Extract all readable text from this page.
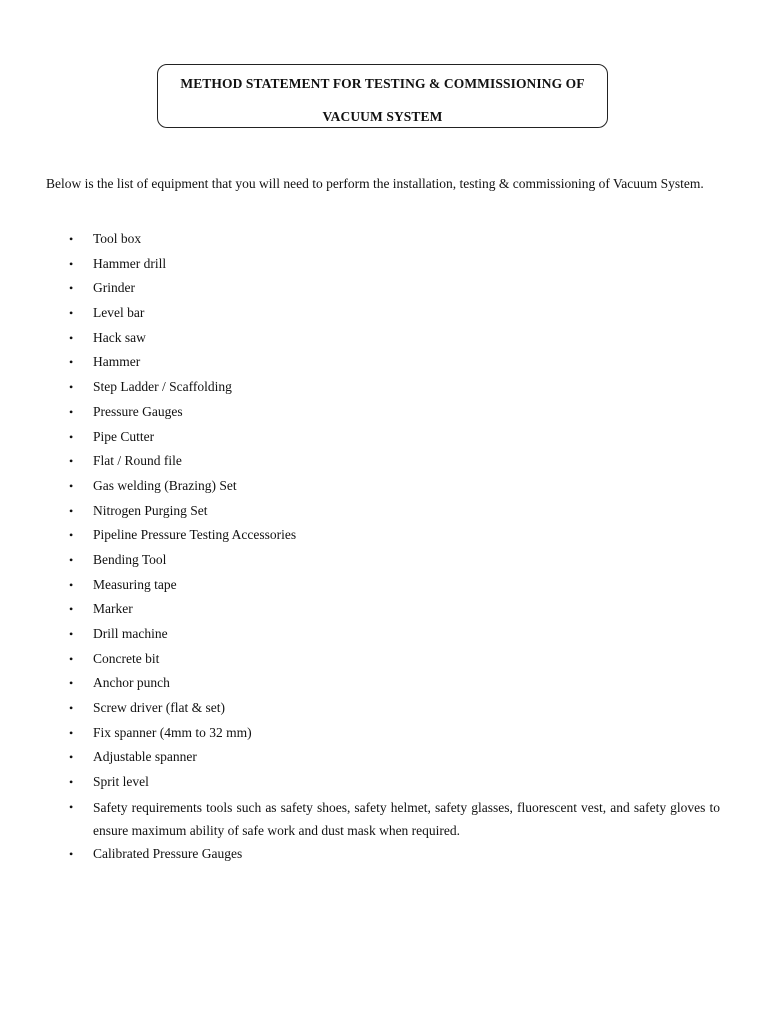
METHOD STATEMENT FOR TESTING & COMMISSIONING OF
VACUUM SYSTEM

Below is the list of equipment that you will need to perform the installation, testing & commissioning of Vacuum System.

• Tool box
• Hammer drill
• Grinder
• Level bar
• Hack saw
• Hammer
• Step Ladder / Scaffolding
• Pressure Gauges
• Pipe Cutter
• Flat / Round file
• Gas welding (Brazing) Set
• Nitrogen Purging Set
• Pipeline Pressure Testing Accessories
• Bending Tool
• Measuring tape
• Marker
• Drill machine
• Concrete bit
• Anchor punch
• Screw driver (flat & set)
• Fix spanner (4mm to 32 mm)
• Adjustable spanner
• Sprit level
• Safety requirements tools such as safety shoes, safety helmet, safety glasses, fluorescent vest, and safety gloves to ensure maximum ability of safe work and dust mask when required.
• Calibrated Pressure Gauges
